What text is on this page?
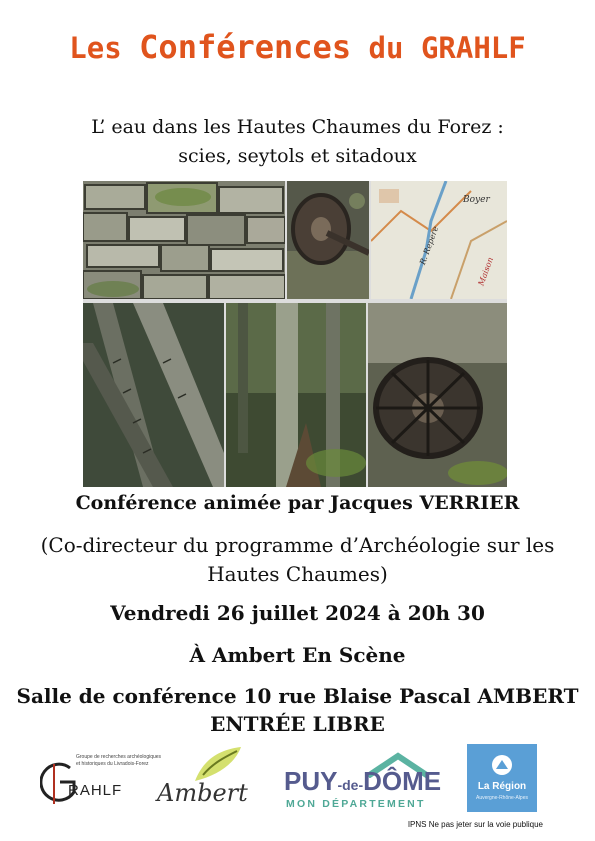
Les Conférences du GRAHLF
L’ eau dans les Hautes Chaumes du Forez :
scies, seytols et sitadoux
Boyer
R. Repere
Maison
Conférence animée par Jacques VERRIER
(Co-directeur du programme d’Archéologie sur les
Hautes Chaumes)
Vendredi 26 juillet 2024 à 20h 30
À Ambert En Scène
Salle de conférence 10 rue Blaise Pascal AMBERT
ENTRÉE LIBRE
Groupe de recherches archéologiques
et historiques du Livradois-Forez
RAHLF Ambert PUY-de-DÔME
MON DÉPARTEMENT
La Région
Auvergne-Rhône-Alpes
IPNS Ne pas jeter sur la voie publique
